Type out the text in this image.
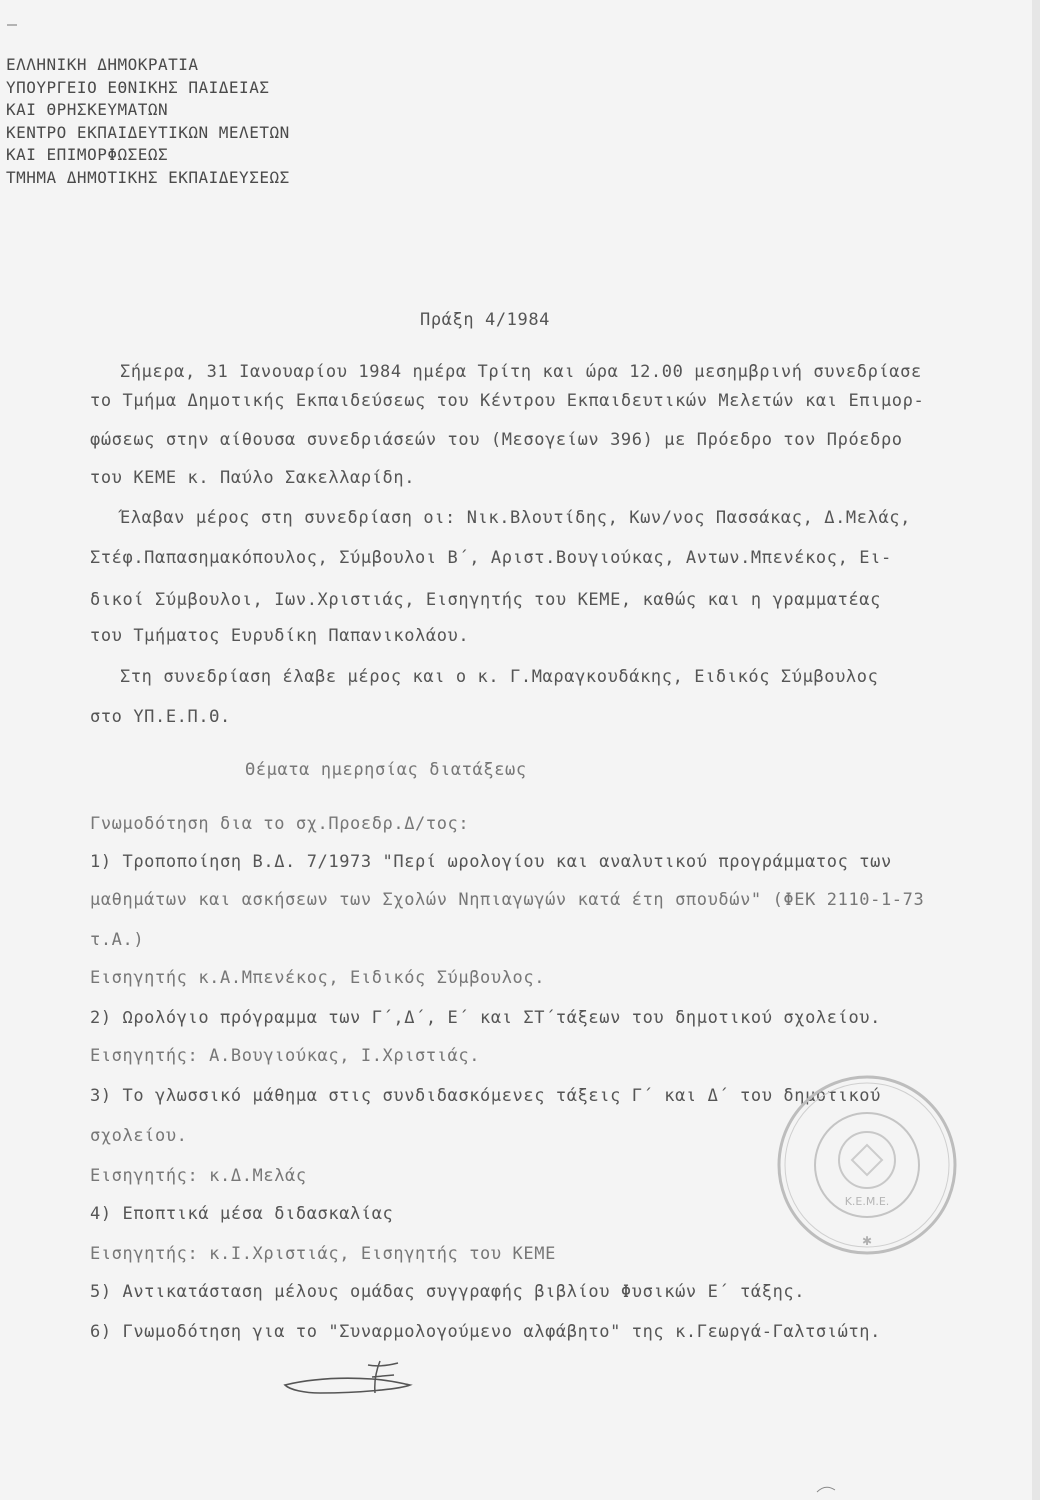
ΕΛΛΗΝΙΚΗ ΔΗΜΟΚΡΑΤΙΑ
ΥΠΟΥΡΓΕΙΟ ΕΘΝΙΚΗΣ ΠΑΙΔΕΙΑΣ
ΚΑΙ ΘΡΗΣΚΕΥΜΑΤΩΝ
ΚΕΝΤΡΟ ΕΚΠΑΙΔΕΥΤΙΚΩΝ ΜΕΛΕΤΩΝ
ΚΑΙ ΕΠΙΜΟΡΦΩΣΕΩΣ
ΤΜΗΜΑ ΔΗΜΟΤΙΚΗΣ ΕΚΠΑΙΔΕΥΣΕΩΣ
Πράξη 4/1984
Σήμερα, 31 Ιανουαρίου 1984 ημέρα Τρίτη και ώρα 12.00 μεσημβρινή συνεδρίασε
το Τμήμα Δημοτικής Εκπαιδεύσεως του Κέντρου Εκπαιδευτικών Μελετών και Επιμορ-
φώσεως στην αίθουσα συνεδριάσεών του (Μεσογείων 396) με Πρόεδρο τον Πρόεδρο
του ΚΕΜΕ κ. Παύλο Σακελλαρίδη.
Έλαβαν μέρος στη συνεδρίαση οι: Νικ.Βλουτίδης, Κων/νος Πασσάκας, Δ.Μελάς,
Στέφ.Παπασημακόπουλος, Σύμβουλοι Β΄, Αριστ.Βουγιούκας, Αντων.Μπενέκος, Ει-
δικοί Σύμβουλοι, Ιων.Χριστιάς, Εισηγητής του ΚΕΜΕ, καθώς και η γραμματέας
του Τμήματος Ευρυδίκη Παπανικολάου.
Στη συνεδρίαση έλαβε μέρος και ο κ. Γ.Μαραγκουδάκης, Ειδικός Σύμβουλος
στο ΥΠ.Ε.Π.Θ.
Θέματα ημερησίας διατάξεως
Γνωμοδότηση δια το σχ.Προεδρ.Δ/τος:
1) Τροποποίηση Β.Δ. 7/1973 "Περί ωρολογίου και αναλυτικού προγράμματος των
μαθημάτων και ασκήσεων των Σχολών Νηπιαγωγών κατά έτη σπουδών" (ΦΕΚ 2110-1-73
τ.Α.)
Εισηγητής κ.Α.Μπενέκος, Ειδικός Σύμβουλος.
2) Ωρολόγιο πρόγραμμα των Γ΄,Δ΄, Ε΄ και ΣΤ΄τάξεων του δημοτικού σχολείου.
Εισηγητής: Α.Βουγιούκας, Ι.Χριστιάς.
3) Το γλωσσικό μάθημα στις συνδιδασκόμενες τάξεις Γ΄ και Δ΄ του δημοτικού
σχολείου.
Εισηγητής: κ.Δ.Μελάς
4) Εποπτικά μέσα διδασκαλίας
Εισηγητής: κ.Ι.Χριστιάς, Εισηγητής του ΚΕΜΕ
5) Αντικατάσταση μέλους ομάδας συγγραφής βιβλίου Φυσικών Ε΄ τάξης.
6) Γνωμοδότηση για το "Συναρμολογούμενο αλφάβητο" της κ.Γεωργά-Γαλτσιώτη.
Κ.Ε.Μ.Ε.
✱
